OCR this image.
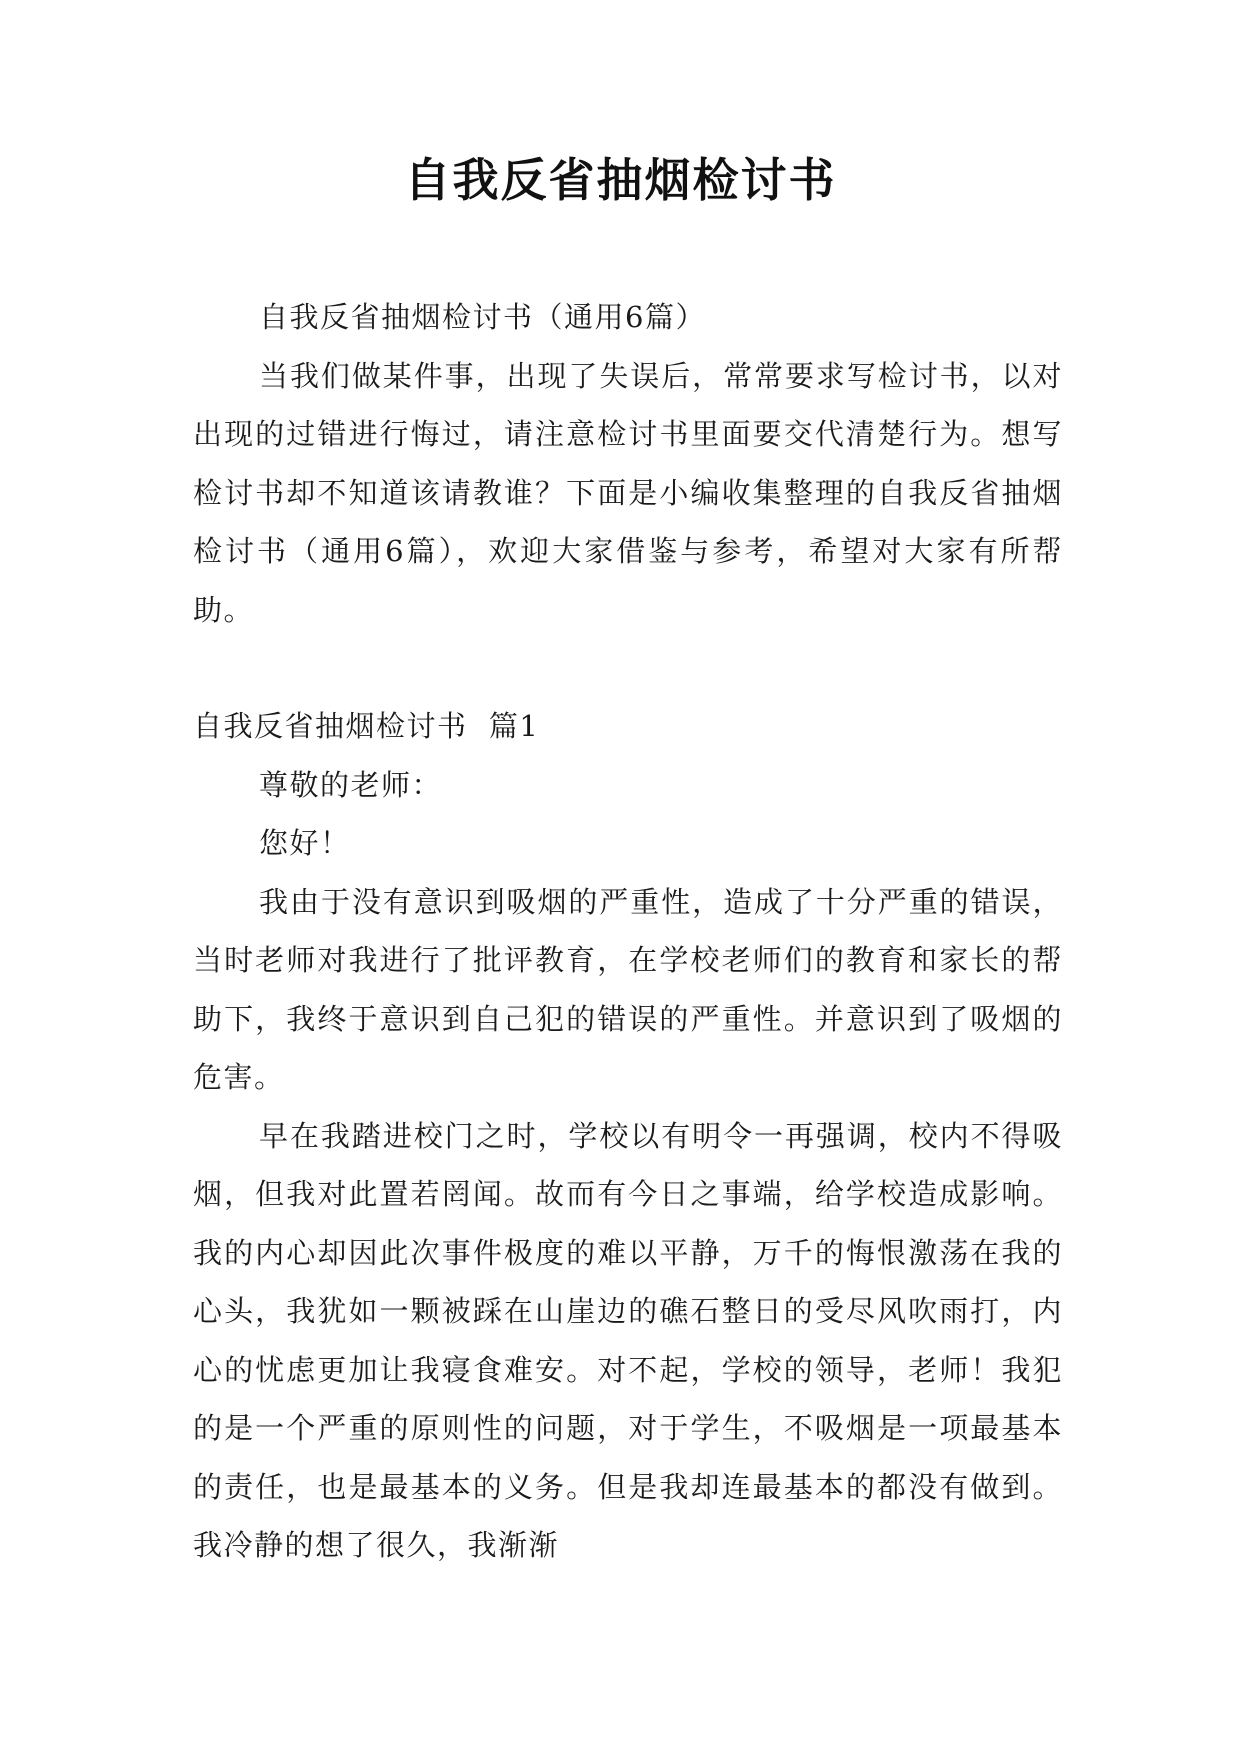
自我反省抽烟检讨书

自我反省抽烟检讨书（通用6篇）

当我们做某件事，出现了失误后，常常要求写检讨书，以对出现的过错进行悔过，请注意检讨书里面要交代清楚行为。想写检讨书却不知道该请教谁？下面是小编收集整理的自我反省抽烟检讨书（通用6篇），欢迎大家借鉴与参考，希望对大家有所帮助。

自我反省抽烟检讨书  篇1

尊敬的老师：

您好！

我由于没有意识到吸烟的严重性，造成了十分严重的错误，当时老师对我进行了批评教育，在学校老师们的教育和家长的帮助下，我终于意识到自己犯的错误的严重性。并意识到了吸烟的危害。

早在我踏进校门之时，学校以有明令一再强调，校内不得吸烟，但我对此置若罔闻。故而有今日之事端，给学校造成影响。我的内心却因此次事件极度的难以平静，万千的悔恨激荡在我的心头，我犹如一颗被踩在山崖边的礁石整日的受尽风吹雨打，内心的忧虑更加让我寝食难安。对不起，学校的领导，老师！我犯的是一个严重的原则性的问题，对于学生，不吸烟是一项最基本的责任，也是最基本的义务。但是我却连最基本的都没有做到。我冷静的想了很久，我渐渐
